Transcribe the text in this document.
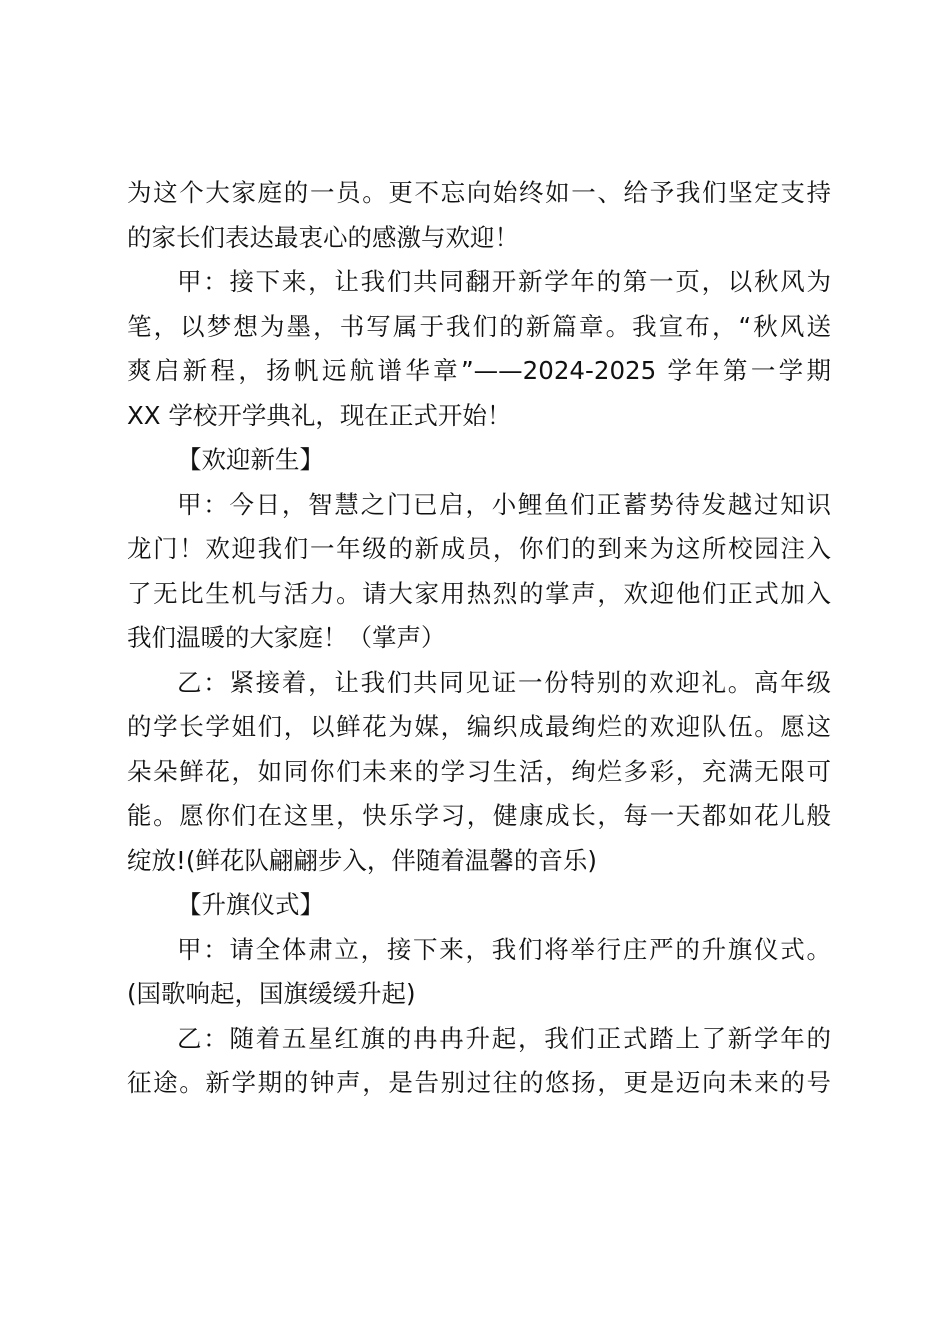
为这个大家庭的一员。更不忘向始终如一、给予我们坚定支持
的家长们表达最衷心的感激与欢迎！
甲：接下来，让我们共同翻开新学年的第一页，以秋风为
笔，以梦想为墨，书写属于我们的新篇章。我宣布，“秋风送
爽启新程，扬帆远航谱华章”——2024-2025 学年第一学期
XX 学校开学典礼，现在正式开始！
【欢迎新生】
甲：今日，智慧之门已启，小鲤鱼们正蓄势待发越过知识
龙门！欢迎我们一年级的新成员，你们的到来为这所校园注入
了无比生机与活力。请大家用热烈的掌声，欢迎他们正式加入
我们温暖的大家庭！（掌声）
乙：紧接着，让我们共同见证一份特别的欢迎礼。高年级
的学长学姐们，以鲜花为媒，编织成最绚烂的欢迎队伍。愿这
朵朵鲜花，如同你们未来的学习生活，绚烂多彩，充满无限可
能。愿你们在这里，快乐学习，健康成长，每一天都如花儿般
绽放!(鲜花队翩翩步入，伴随着温馨的音乐)
【升旗仪式】
甲：请全体肃立，接下来，我们将举行庄严的升旗仪式。
(国歌响起，国旗缓缓升起)
乙：随着五星红旗的冉冉升起，我们正式踏上了新学年的
征途。新学期的钟声，是告别过往的悠扬，更是迈向未来的号
